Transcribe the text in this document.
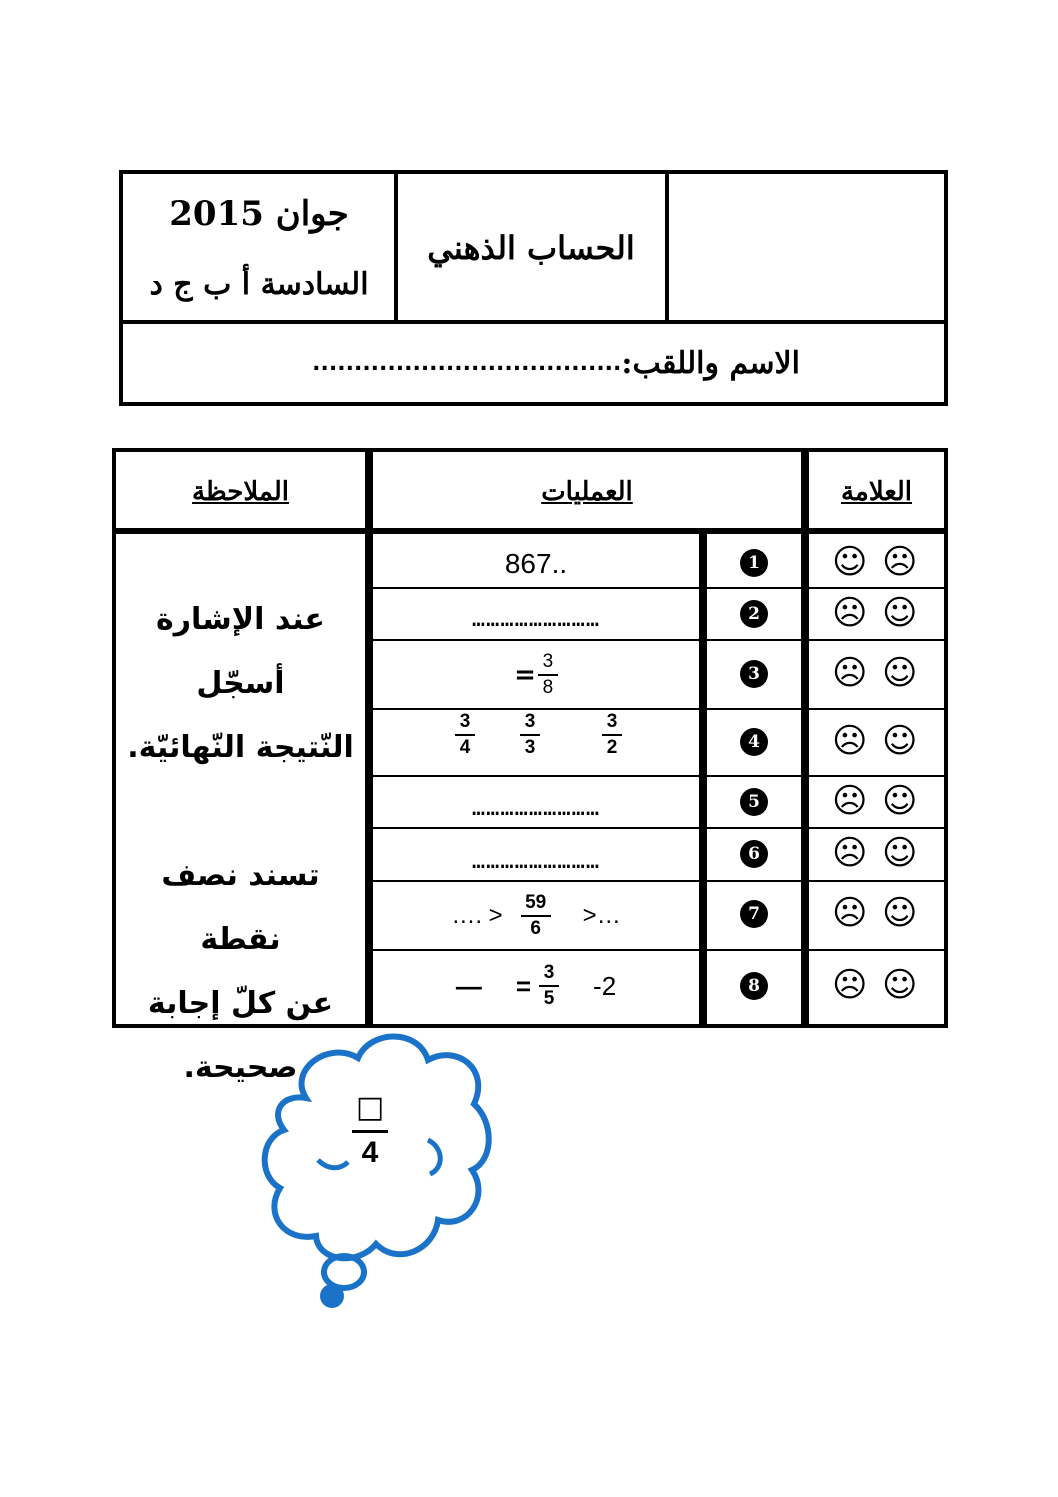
جوان 2015
السادسة أ ب ج د
الحساب الذهني
الاسم واللقب:
.....................................
الملاحظة	العمليات	العلامة
1
2
3
4
5
6
7
8
☺ ☹
☹ ☺
☹ ☺
☹ ☺
☹ ☺
☹ ☺
☹ ☺
☹ ☺
867..
………………………
= $\frac{3}{8}$
3
4
3
3
3
2
………………………
………………………
…. > $\frac{59}{6}$ >…
— = $\frac{3}{5} -2$
عند الإشارة أسجّل
النّتيجة النّهائيّة.
تسند نصف نقطة
عن كلّ إجابة
صحيحة.
□
4
